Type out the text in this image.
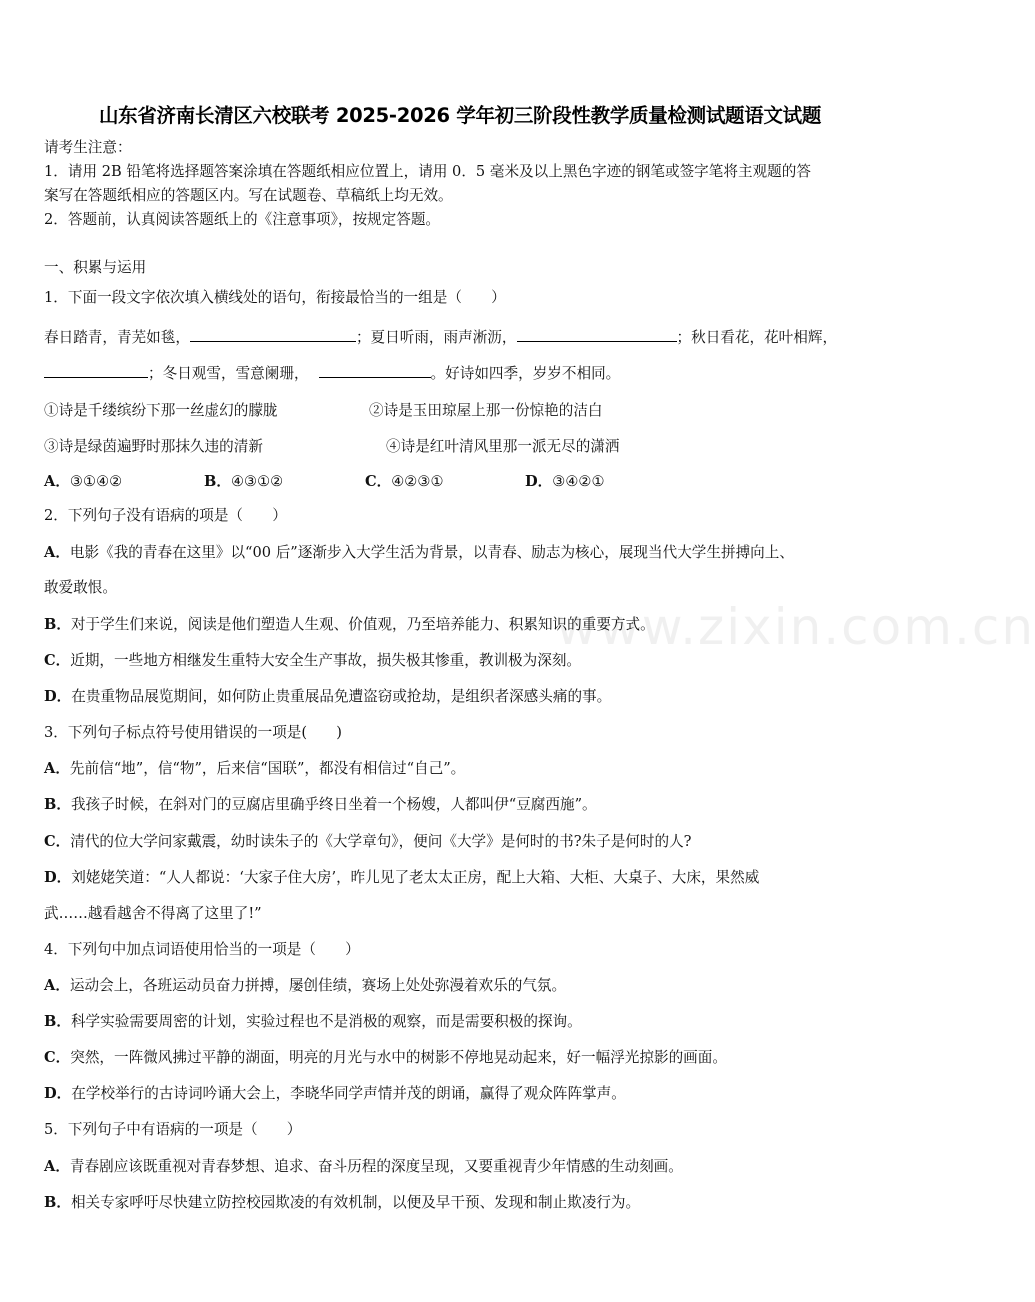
山东省济南长清区六校联考 2025-2026 学年初三阶段性教学质量检测试题语文试题
请考生注意：
1．请用 2B 铅笔将选择题答案涂填在答题纸相应位置上，请用 0．5 毫米及以上黑色字迹的钢笔或签字笔将主观题的答
案写在答题纸相应的答题区内。写在试题卷、草稿纸上均无效。
2．答题前，认真阅读答题纸上的《注意事项》，按规定答题。
一、积累与运用
1．下面一段文字依次填入横线处的语句，衔接最恰当的一组是（　　）
春日踏青，青芜如毯，	；夏日听雨，雨声淅沥，	；秋日看花，花叶相辉，
；冬日观雪，雪意阑珊，	。好诗如四季，岁岁不相同。
①诗是千缕缤纷下那一丝虚幻的朦胧	②诗是玉田琼屋上那一份惊艳的洁白
③诗是绿茵遍野时那抹久违的清新	④诗是红叶清风里那一派无尽的潇洒
A．③①④②	B．④③①②	C．④②③①	D．③④②①
2．下列句子没有语病的项是（　　）
A．电影《我的青春在这里》以“00 后”逐渐步入大学生活为背景，以青春、励志为核心，展现当代大学生拼搏向上、
敢爱敢恨。
B．对于学生们来说，阅读是他们塑造人生观、价值观，乃至培养能力、积累知识的重要方式。
C．近期，一些地方相继发生重特大安全生产事故，损失极其惨重，教训极为深刻。
D．在贵重物品展览期间，如何防止贵重展品免遭盗窃或抢劫，是组织者深感头痛的事。
3．下列句子标点符号使用错误的一项是(　　)
A．先前信“地”，信“物”，后来信“国联”，都没有相信过“自己”。
B．我孩子时候，在斜对门的豆腐店里确乎终日坐着一个杨嫂，人都叫伊“豆腐西施”。
C．清代的位大学问家戴震，幼时读朱子的《大学章句》，便问《大学》是何时的书?朱子是何时的人?
D．刘姥姥笑道：“人人都说：‘大家子住大房’，昨儿见了老太太正房，配上大箱、大柜、大桌子、大床，果然威
武……越看越舍不得离了这里了!”
4．下列句中加点词语使用恰当的一项是（　　）
A．运动会上，各班运动员奋力拼搏，屡创佳绩，赛场上处处弥漫着欢乐的气氛。
B．科学实验需要周密的计划，实验过程也不是消极的观察，而是需要积极的探询。
C．突然，一阵微风拂过平静的湖面，明亮的月光与水中的树影不停地晃动起来，好一幅浮光掠影的画面。
D．在学校举行的古诗词吟诵大会上，李晓华同学声情并茂的朗诵，赢得了观众阵阵掌声。
5．下列句子中有语病的一项是（　　）
A．青春剧应该既重视对青春梦想、追求、奋斗历程的深度呈现，又要重视青少年情感的生动刻画。
B．相关专家呼吁尽快建立防控校园欺凌的有效机制，以便及早干预、发现和制止欺凌行为。
www.zixin.com.cn
